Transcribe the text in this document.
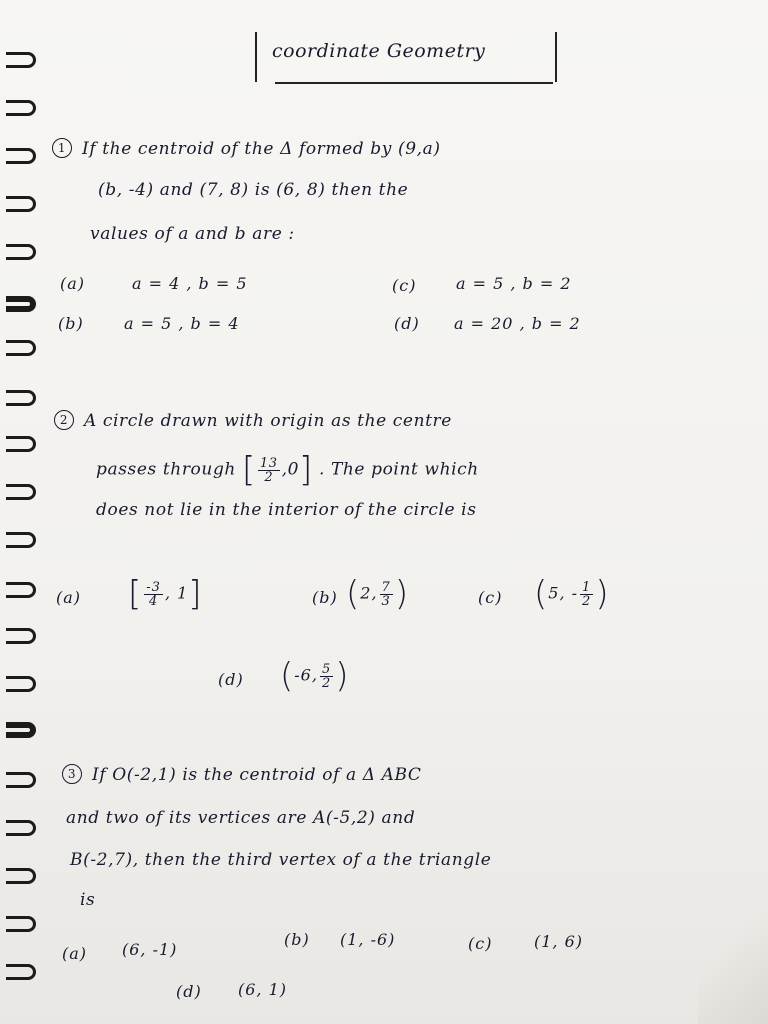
coordinate Geometry
1 If the centroid of the Δ formed by (9,a)
(b, -4) and (7, 8) is (6, 8) then the
values of a and b are :
(a)	a = 4 , b = 5
(b)	a = 5 , b = 4
(c) a = 5 , b = 2
(d) a = 20 , b = 2
2 A circle drawn with origin as the centre
passes through [ $\frac{13}{2} ,0$] . The point which
does not lie in the interior of the circle is
(a) [ $\frac{-3}{4}$ , 1]	(b) (2, $\frac{7}{3}$ )	(c) (5, - $\frac{1}{2}$ )
(d) (-6, $\frac{5}{2}$ )
3 If O(-2,1) is the centroid of a Δ ABC
and two of its vertices are A(-5,2) and
B(-2,7), then the third vertex of a the triangle
is
(a) (6, -1)
(b) (1, -6)	(c)	(1, 6)
(d) (6, 1)
